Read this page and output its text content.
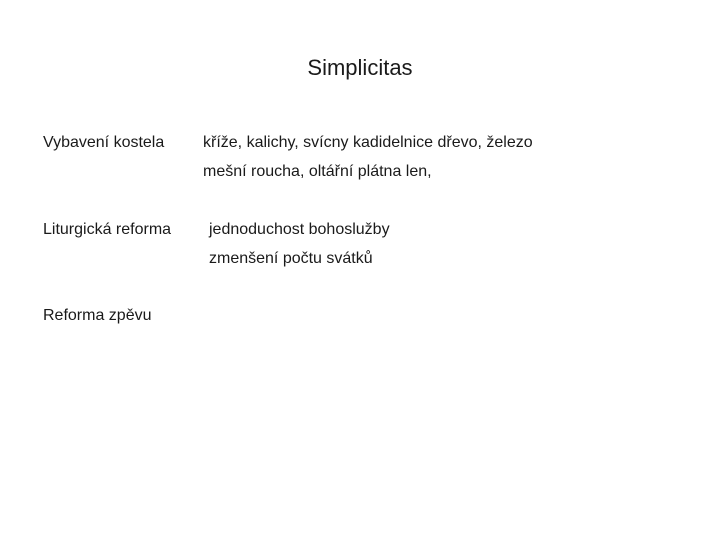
Simplicitas
Vybavení kostela kříže, kalichy, svícny kadidelnice dřevo, železo
mešní roucha, oltářní plátna len,
Liturgická reforma jednoduchost bohoslužby
zmenšení počtu svátků
Reforma zpěvu
